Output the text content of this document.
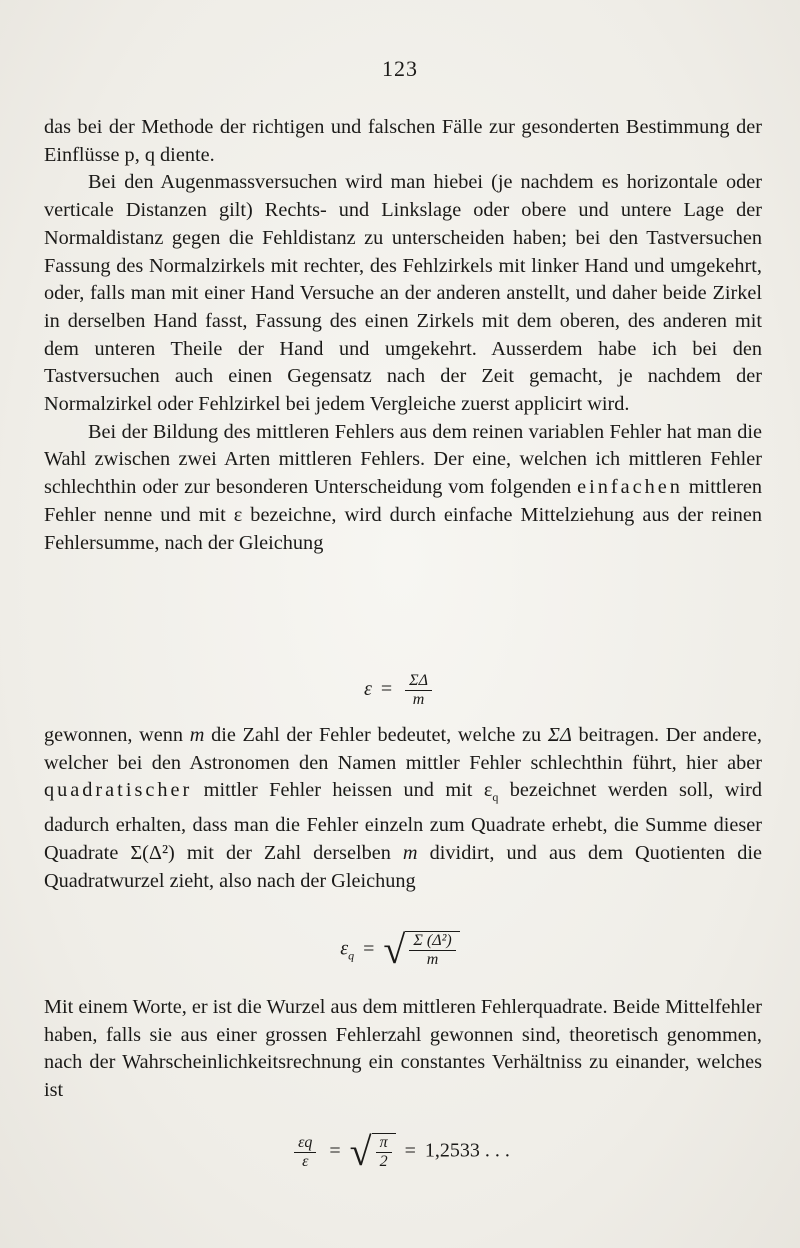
123

das bei der Methode der richtigen und falschen Fälle zur gesonderten Bestimmung der Einflüsse p, q diente.

Bei den Augenmassversuchen wird man hiebei (je nachdem es horizontale oder verticale Distanzen gilt) Rechts- und Linkslage oder obere und untere Lage der Normaldistanz gegen die Fehldistanz zu unterscheiden haben; bei den Tastversuchen Fassung des Normalzirkels mit rechter, des Fehlzirkels mit linker Hand und umgekehrt, oder, falls man mit einer Hand Versuche an der anderen anstellt, und daher beide Zirkel in derselben Hand fasst, Fassung des einen Zirkels mit dem oberen, des anderen mit dem unteren Theile der Hand und umgekehrt. Ausserdem habe ich bei den Tastversuchen auch einen Gegensatz nach der Zeit gemacht, je nachdem der Normalzirkel oder Fehlzirkel bei jedem Vergleiche zuerst applicirt wird.

Bei der Bildung des mittleren Fehlers aus dem reinen variablen Fehler hat man die Wahl zwischen zwei Arten mittleren Fehlers. Der eine, welchen ich mittleren Fehler schlechthin oder zur besonderen Unterscheidung vom folgenden einfachen mittleren Fehler nenne und mit ε bezeichne, wird durch einfache Mittelziehung aus der reinen Fehlersumme, nach der Gleichung

$\varepsilon = \frac{\Sigma\Delta}{m}$

gewonnen, wenn m die Zahl der Fehler bedeutet, welche zu ΣΔ beitragen. Der andere, welcher bei den Astronomen den Namen mittler Fehler schlechthin führt, hier aber quadratischer mittler Fehler heissen und mit $\varepsilon_q$ bezeichnet werden soll, wird dadurch erhalten, dass man die Fehler einzeln zum Quadrate erhebt, die Summe dieser Quadrate Σ(Δ²) mit der Zahl derselben m dividirt, und aus dem Quotienten die Quadratwurzel zieht, also nach der Gleichung

$\varepsilon_q$ = √ $\frac{\text{Σ (Δ²)}}{m}$

Mit einem Worte, er ist die Wurzel aus dem mittleren Fehlerquadrate. Beide Mittelfehler haben, falls sie aus einer grossen Fehlerzahl gewonnen sind, theoretisch genommen, nach der Wahrscheinlichkeitsrechnung ein constantes Verhältniss zu einander, welches ist

$\frac{\varepsilon q}{\varepsilon}$ = √ $\frac{\pi}{2} = 1,2533$ . . .
